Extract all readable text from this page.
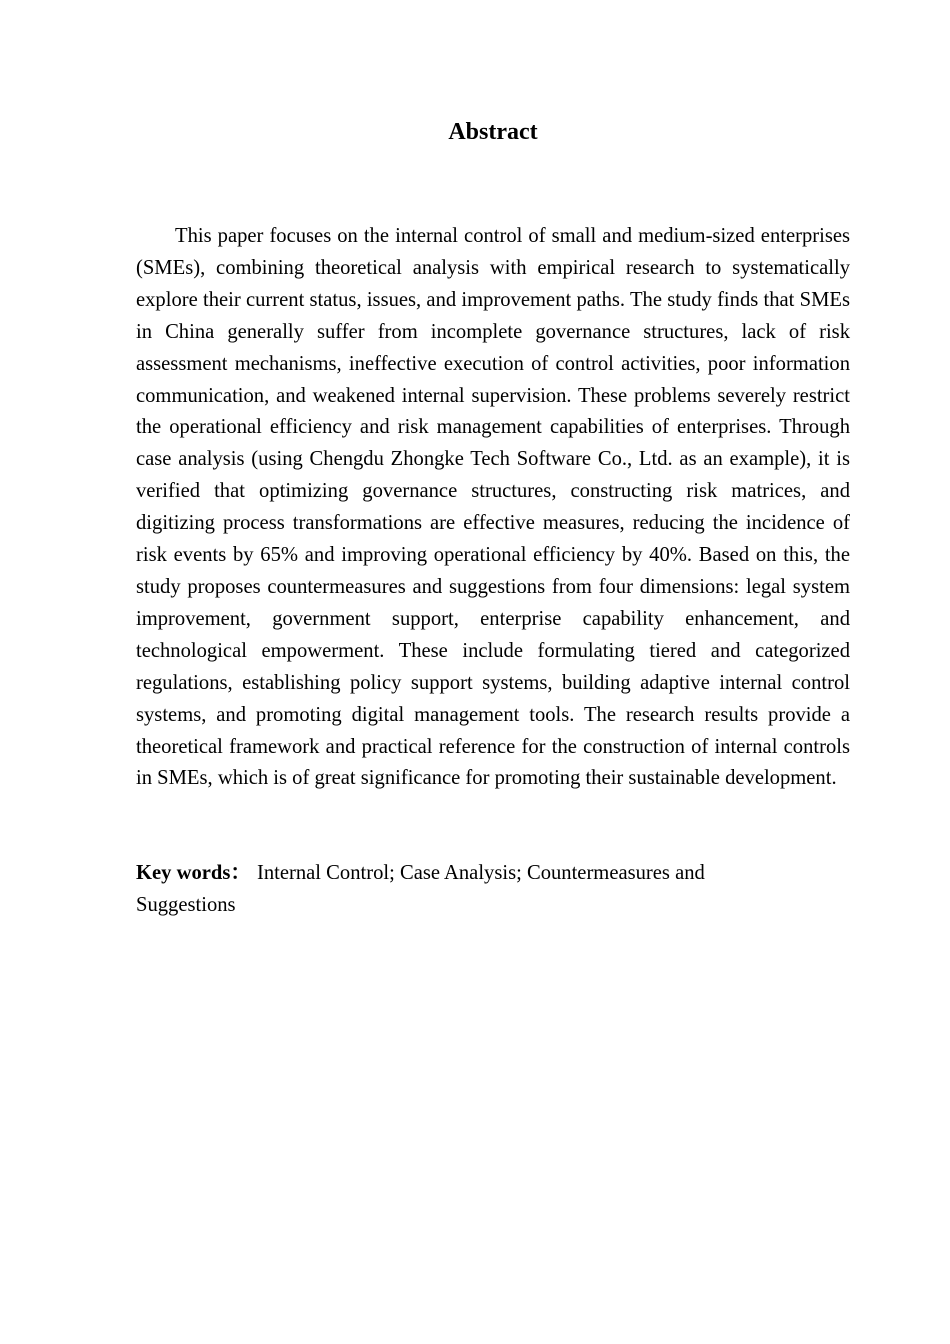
Abstract

This paper focuses on the internal control of small and medium-sized enterprises (SMEs), combining theoretical analysis with empirical research to systematically explore their current status, issues, and improvement paths. The study finds that SMEs in China generally suffer from incomplete governance structures, lack of risk assessment mechanisms, ineffective execution of control activities, poor information communication, and weakened internal supervision. These problems severely restrict the operational efficiency and risk management capabilities of enterprises. Through case analysis (using Chengdu Zhongke Tech Software Co., Ltd. as an example), it is verified that optimizing governance structures, constructing risk matrices, and digitizing process transformations are effective measures, reducing the incidence of risk events by 65% and improving operational efficiency by 40%. Based on this, the study proposes countermeasures and suggestions from four dimensions: legal system improvement, government support, enterprise capability enhancement, and technological empowerment. These include formulating tiered and categorized regulations, establishing policy support systems, building adaptive internal control systems, and promoting digital management tools. The research results provide a theoretical framework and practical reference for the construction of internal controls in SMEs, which is of great significance for promoting their sustainable development.

Key words： Internal Control; Case Analysis; Countermeasures and Suggestions
